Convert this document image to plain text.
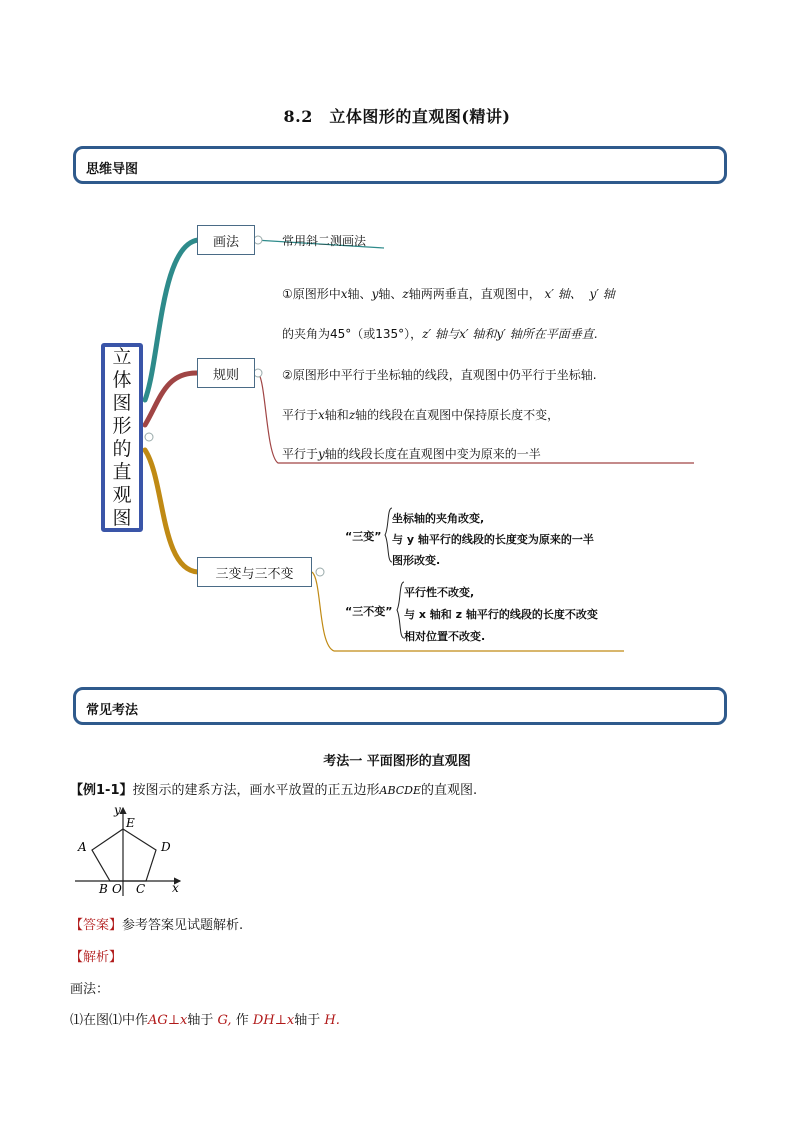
8.2　立体图形的直观图(精讲)
思维导图
立
体
图
形
的
直
观
图
画法	常用斜二测画法
规则
①原图形中x轴、y轴、z轴两两垂直，直观图中， x′ 轴、 y′ 轴
的夹角为45°（或135°），z′ 轴与x′ 轴和y′ 轴所在平面垂直.
②原图形中平行于坐标轴的线段，直观图中仍平行于坐标轴.
平行于x轴和z轴的线段在直观图中保持原长度不变，
平行于y轴的线段长度在直观图中变为原来的一半
三变与三不变
“三变”
坐标轴的夹角改变,
与 y 轴平行的线段的长度变为原来的一半
图形改变.
“三不变”
平行性不改变,
与 x 轴和 z 轴平行的线段的长度不改变
相对位置不改变.
常见考法
考法一 平面图形的直观图
【例1-1】按图示的建系方法，画水平放置的正五边形ABCDE的直观图.
y
x
E
A	D
B O C
【答案】参考答案见试题解析.
【解析】
画法：
⑴在图⑴中作AG⊥x轴于 G, 作 DH⊥x轴于 H.
